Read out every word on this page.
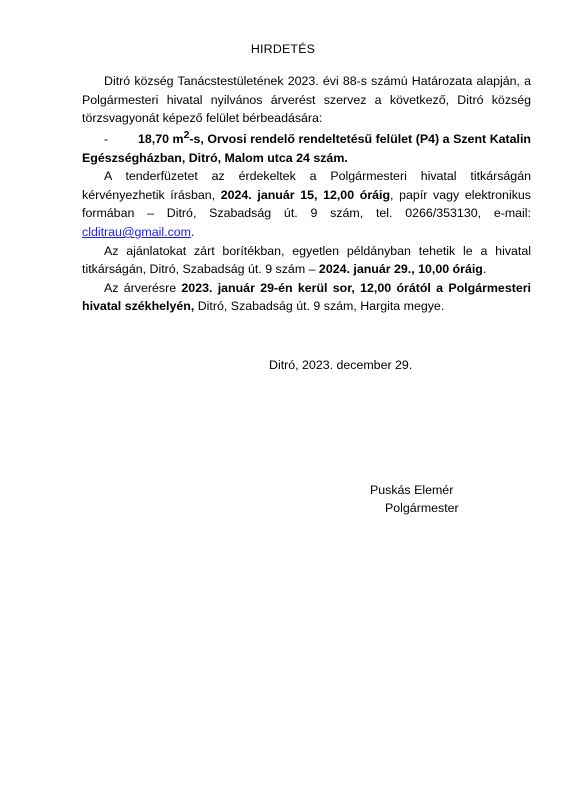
HIRDETÉS

Ditró község Tanácstestületének 2023. évi 88-s számú Határozata alapján, a Polgármesteri hivatal nyilvános árverést szervez a következő, Ditró község törzsvagyonát képező felület bérbeadására:

- 18,70 $m^2-s$, Orvosi rendelő rendeltetésű felület (P4) a Szent Katalin Egészségházban, Ditró, Malom utca 24 szám.

A tenderfüzetet az érdekeltek a Polgármesteri hivatal titkárságán kérvényezhetik írásban, 2024. január 15, 12,00 óráig, papír vagy elektronikus formában – Ditró, Szabadság út. 9 szám, tel. 0266/353130, e-mail: clditrau@gmail.com.

Az ajánlatokat zárt borítékban, egyetlen példányban tehetik le a hivatal titkárságán, Ditró, Szabadság út. 9 szám – 2024. január 29., 10,00 óráig.

Az árverésre 2023. január 29-én kerül sor, 12,00 órától a Polgármesteri hivatal székhelyén, Ditró, Szabadság út. 9 szám, Hargita megye.

Ditró, 2023. december 29.
Puskás Elemér
Polgármester
